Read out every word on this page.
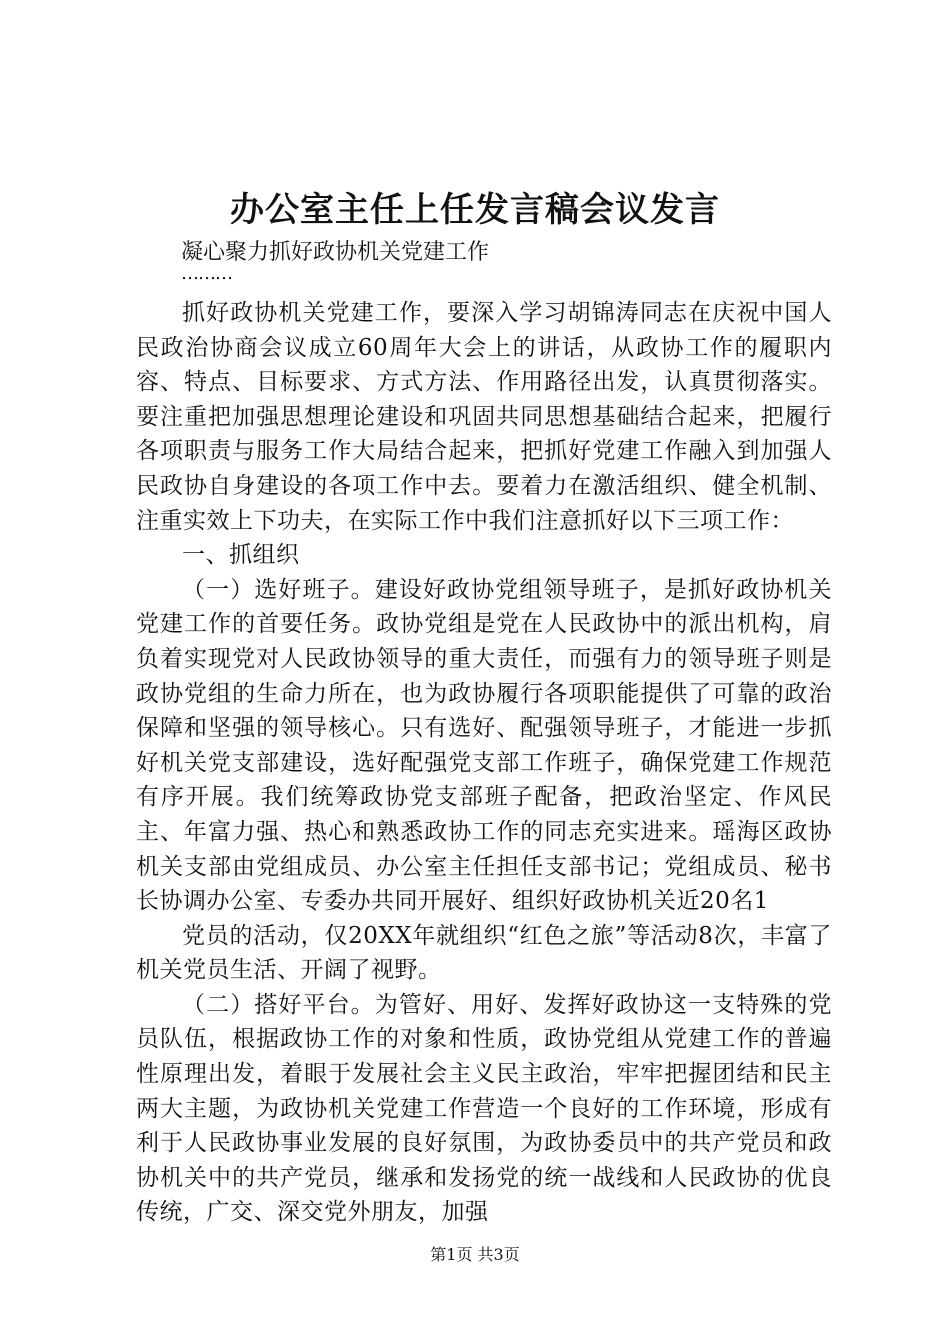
办公室主任上任发言稿会议发言
凝心聚力抓好政协机关党建工作
………

抓好政协机关党建工作，要深入学习胡锦涛同志在庆祝中国人民政治协商会议成立60周年大会上的讲话，从政协工作的履职内容、特点、目标要求、方式方法、作用路径出发，认真贯彻落实。要注重把加强思想理论建设和巩固共同思想基础结合起来，把履行各项职责与服务工作大局结合起来，把抓好党建工作融入到加强人民政协自身建设的各项工作中去。要着力在激活组织、健全机制、注重实效上下功夫，在实际工作中我们注意抓好以下三项工作：

一、抓组织

（一）选好班子。建设好政协党组领导班子，是抓好政协机关党建工作的首要任务。政协党组是党在人民政协中的派出机构，肩负着实现党对人民政协领导的重大责任，而强有力的领导班子则是政协党组的生命力所在，也为政协履行各项职能提供了可靠的政治保障和坚强的领导核心。只有选好、配强领导班子，才能进一步抓好机关党支部建设，选好配强党支部工作班子，确保党建工作规范有序开展。我们统筹政协党支部班子配备，把政治坚定、作风民主、年富力强、热心和熟悉政协工作的同志充实进来。瑶海区政协机关支部由党组成员、办公室主任担任支部书记；党组成员、秘书长协调办公室、专委办共同开展好、组织好政协机关近20名1

党员的活动，仅20XX年就组织“红色之旅”等活动8次，丰富了机关党员生活、开阔了视野。

（二）搭好平台。为管好、用好、发挥好政协这一支特殊的党员队伍，根据政协工作的对象和性质，政协党组从党建工作的普遍性原理出发，着眼于发展社会主义民主政治，牢牢把握团结和民主两大主题，为政协机关党建工作营造一个良好的工作环境，形成有利于人民政协事业发展的良好氛围，为政协委员中的共产党员和政协机关中的共产党员，继承和发扬党的统一战线和人民政协的优良传统，广交、深交党外朋友，加强

第1页 共3页
